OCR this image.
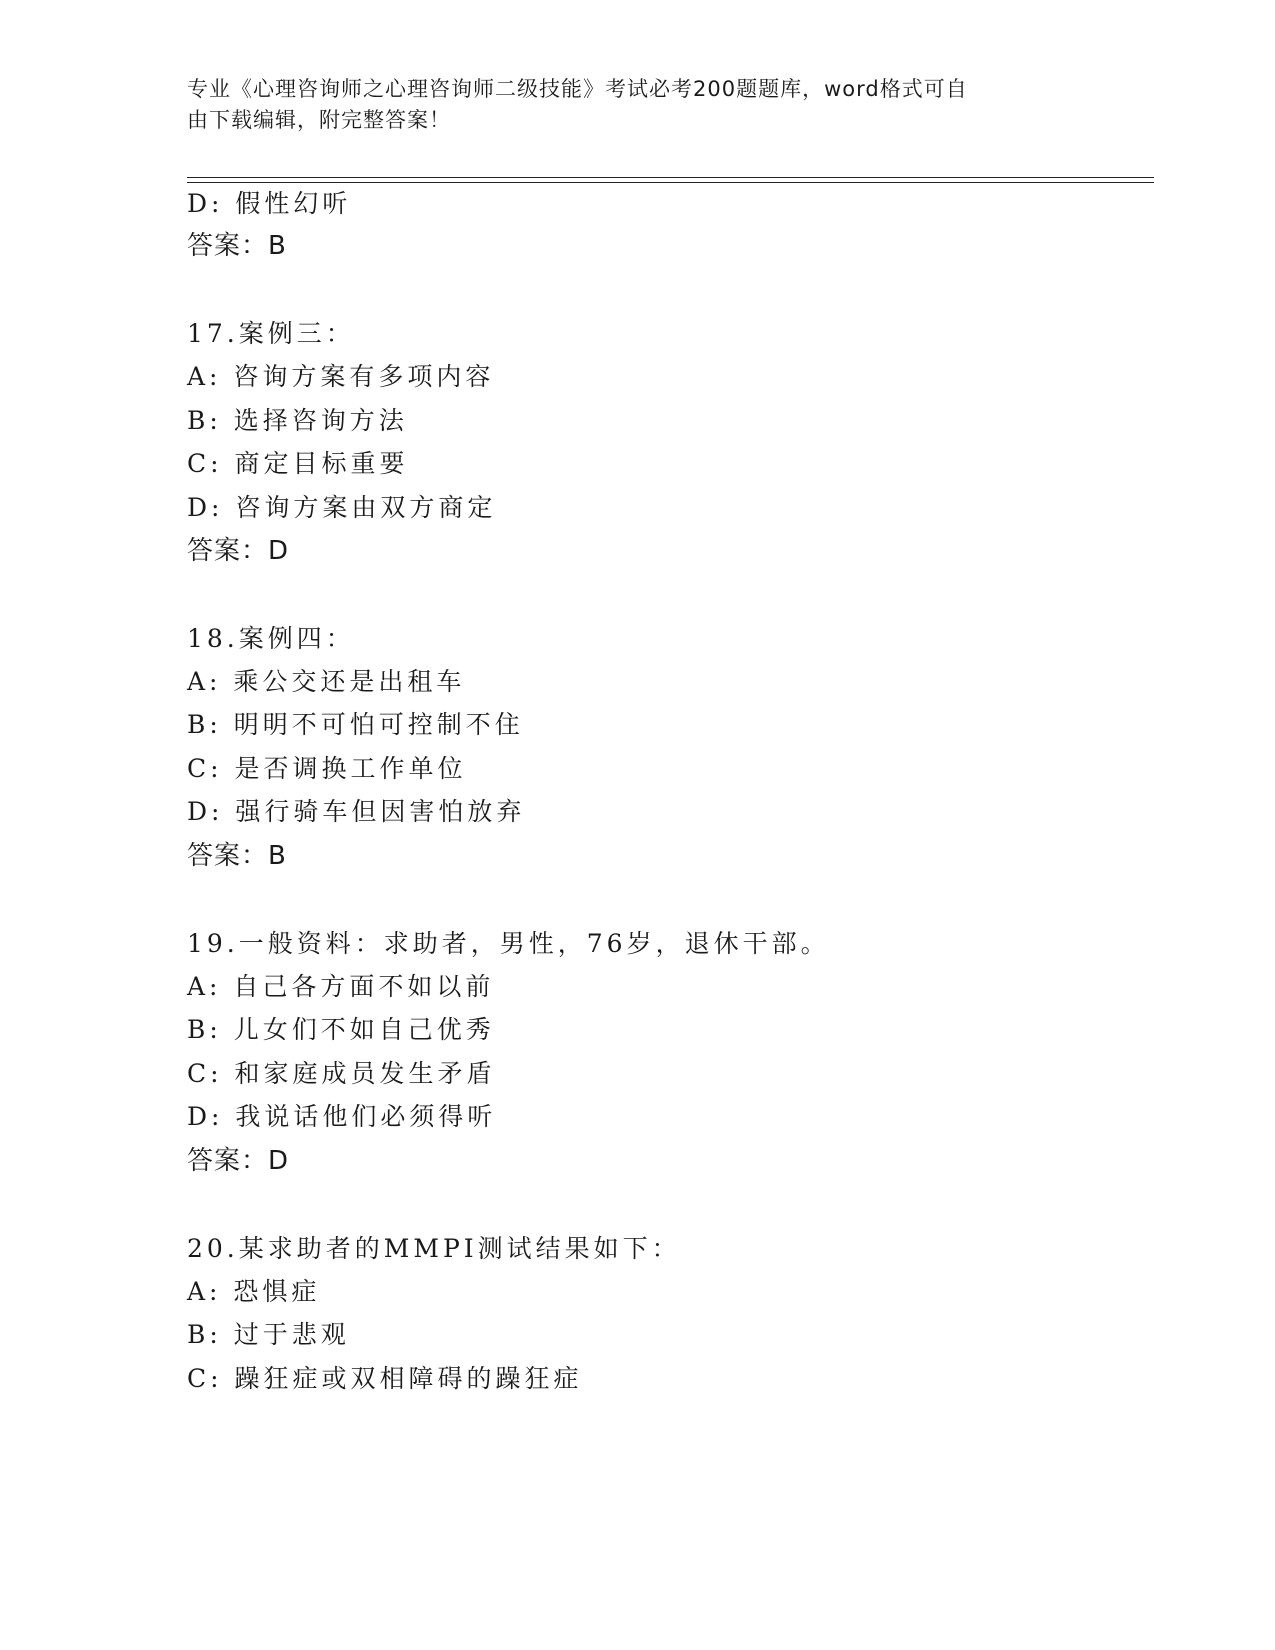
专业《心理咨询师之心理咨询师二级技能》考试必考200题题库，word格式可自
由下载编辑，附完整答案！
D: 假性幻听
答案：B
17.案例三：
A: 咨询方案有多项内容
B: 选择咨询方法
C: 商定目标重要
D: 咨询方案由双方商定
答案：D
18.案例四：
A: 乘公交还是出租车
B: 明明不可怕可控制不住
C: 是否调换工作单位
D: 强行骑车但因害怕放弃
答案：B
19.一般资料：求助者，男性，76岁，退休干部。
A: 自己各方面不如以前
B: 儿女们不如自己优秀
C: 和家庭成员发生矛盾
D: 我说话他们必须得听
答案：D
20.某求助者的MMPI测试结果如下：
A: 恐惧症
B: 过于悲观
C: 躁狂症或双相障碍的躁狂症
